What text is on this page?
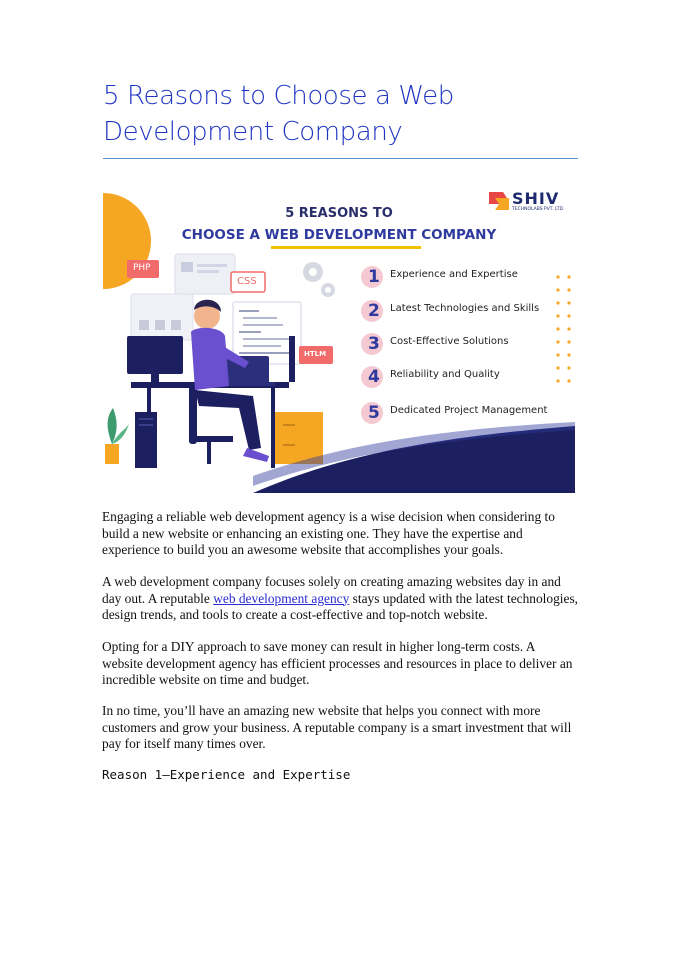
5 Reasons to Choose a Web
Development Company
PHP
CSS
HTLM
SHIV
TECHNOLABS PVT. LTD.
5 REASONS TO
CHOOSE A WEB DEVELOPMENT COMPANY
1 Experience and Expertise
2 Latest Technologies and Skills
3 Cost-Effective Solutions
4 Reliability and Quality
5 Dedicated Project Management

Engaging a reliable web development agency is a wise decision when considering to build a new website or enhancing an existing one. They have the expertise and experience to build you an awesome website that accomplishes your goals.

A web development company focuses solely on creating amazing websites day in and day out. A reputable web development agency stays updated with the latest technologies, design trends, and tools to create a cost-effective and top-notch website.

Opting for a DIY approach to save money can result in higher long-term costs. A website development agency has efficient processes and resources in place to deliver an incredible website on time and budget.

In no time, you’ll have an amazing new website that helps you connect with more customers and grow your business. A reputable company is a smart investment that will pay for itself many times over.

Reason 1—Experience and Expertise
